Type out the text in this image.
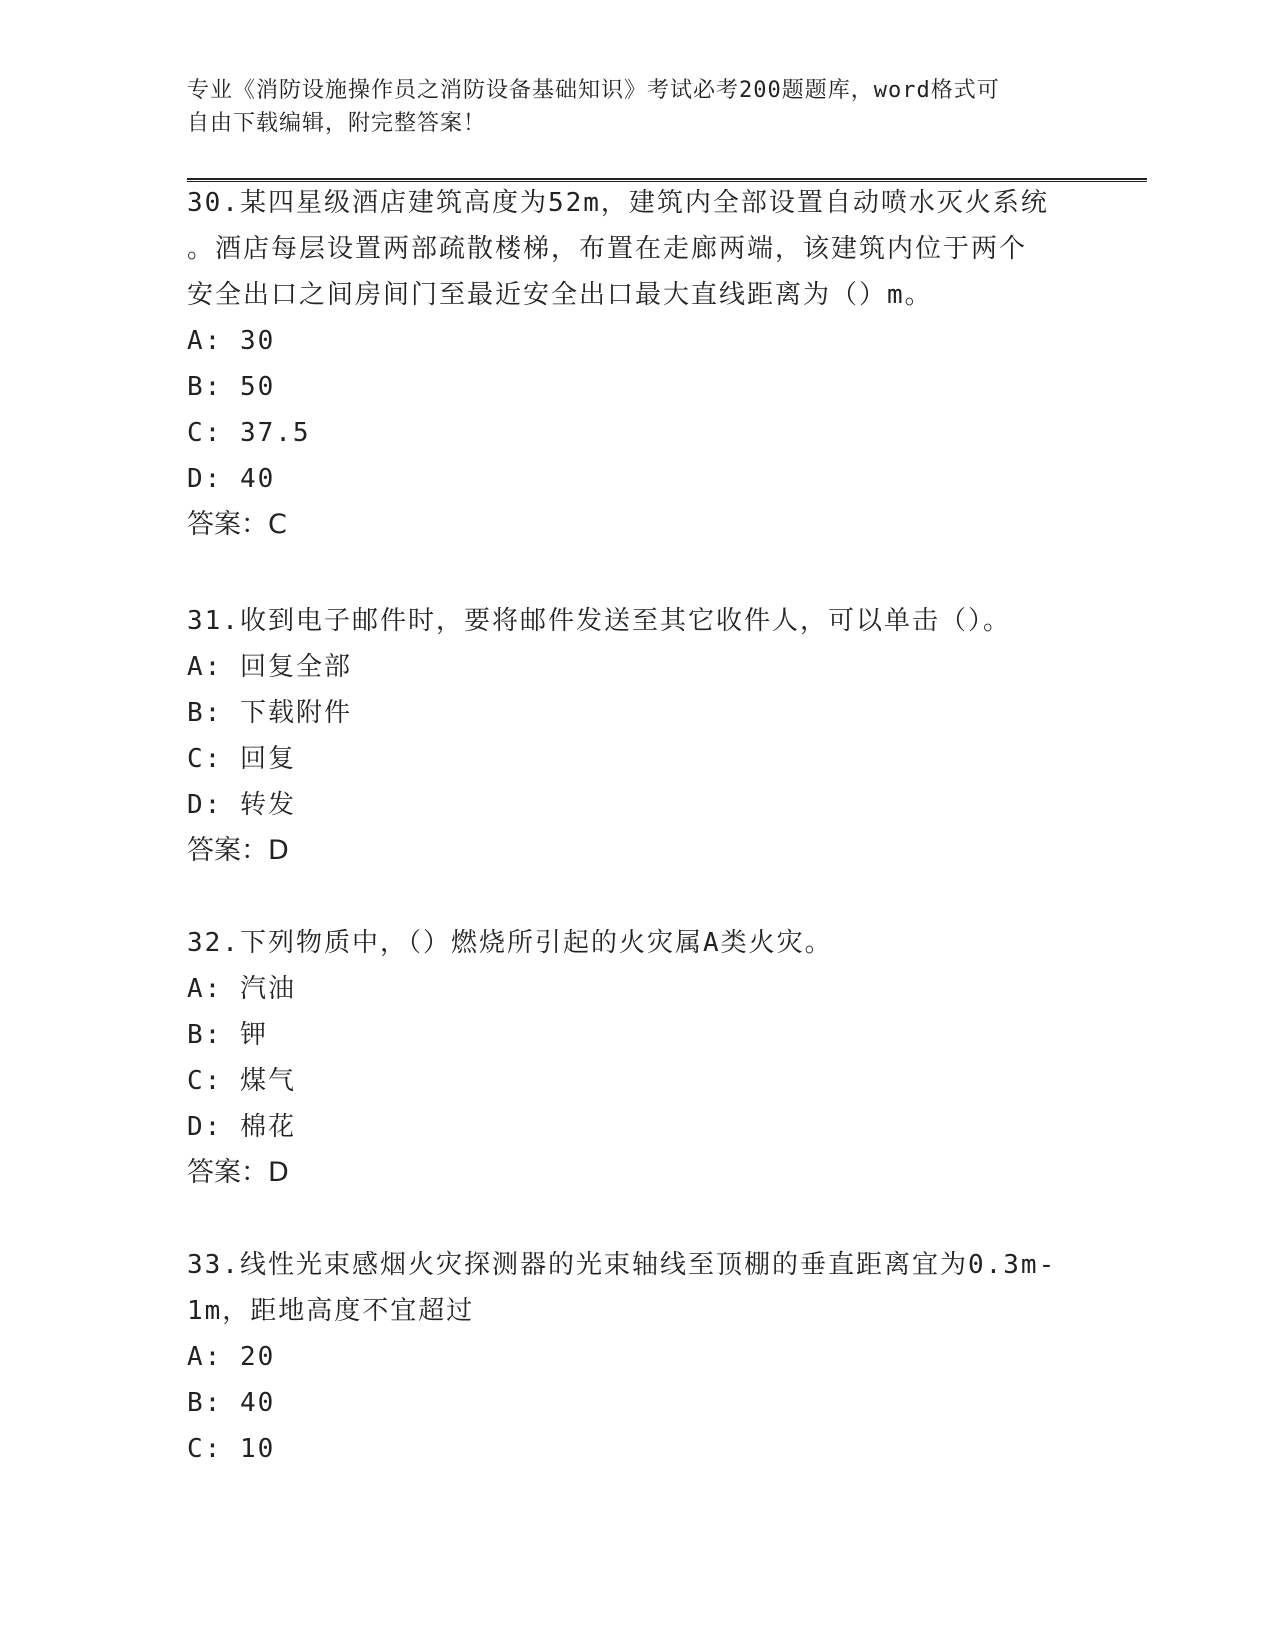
专业《消防设施操作员之消防设备基础知识》考试必考200题题库，word格式可
自由下载编辑，附完整答案！
30.某四星级酒店建筑高度为52m，建筑内全部设置自动喷水灭火系统
。酒店每层设置两部疏散楼梯，布置在走廊两端，该建筑内位于两个
安全出口之间房间门至最近安全出口最大直线距离为（）m。
A: 30
B: 50
C: 37.5
D: 40
答案：C
31.收到电子邮件时，要将邮件发送至其它收件人，可以单击（）。
A: 回复全部
B: 下载附件
C: 回复
D: 转发
答案：D
32.下列物质中，（）燃烧所引起的火灾属A类火灾。
A: 汽油
B: 钾
C: 煤气
D: 棉花
答案：D
33.线性光束感烟火灾探测器的光束轴线至顶棚的垂直距离宜为0.3m-
1m，距地高度不宜超过
A: 20
B: 40
C: 10
